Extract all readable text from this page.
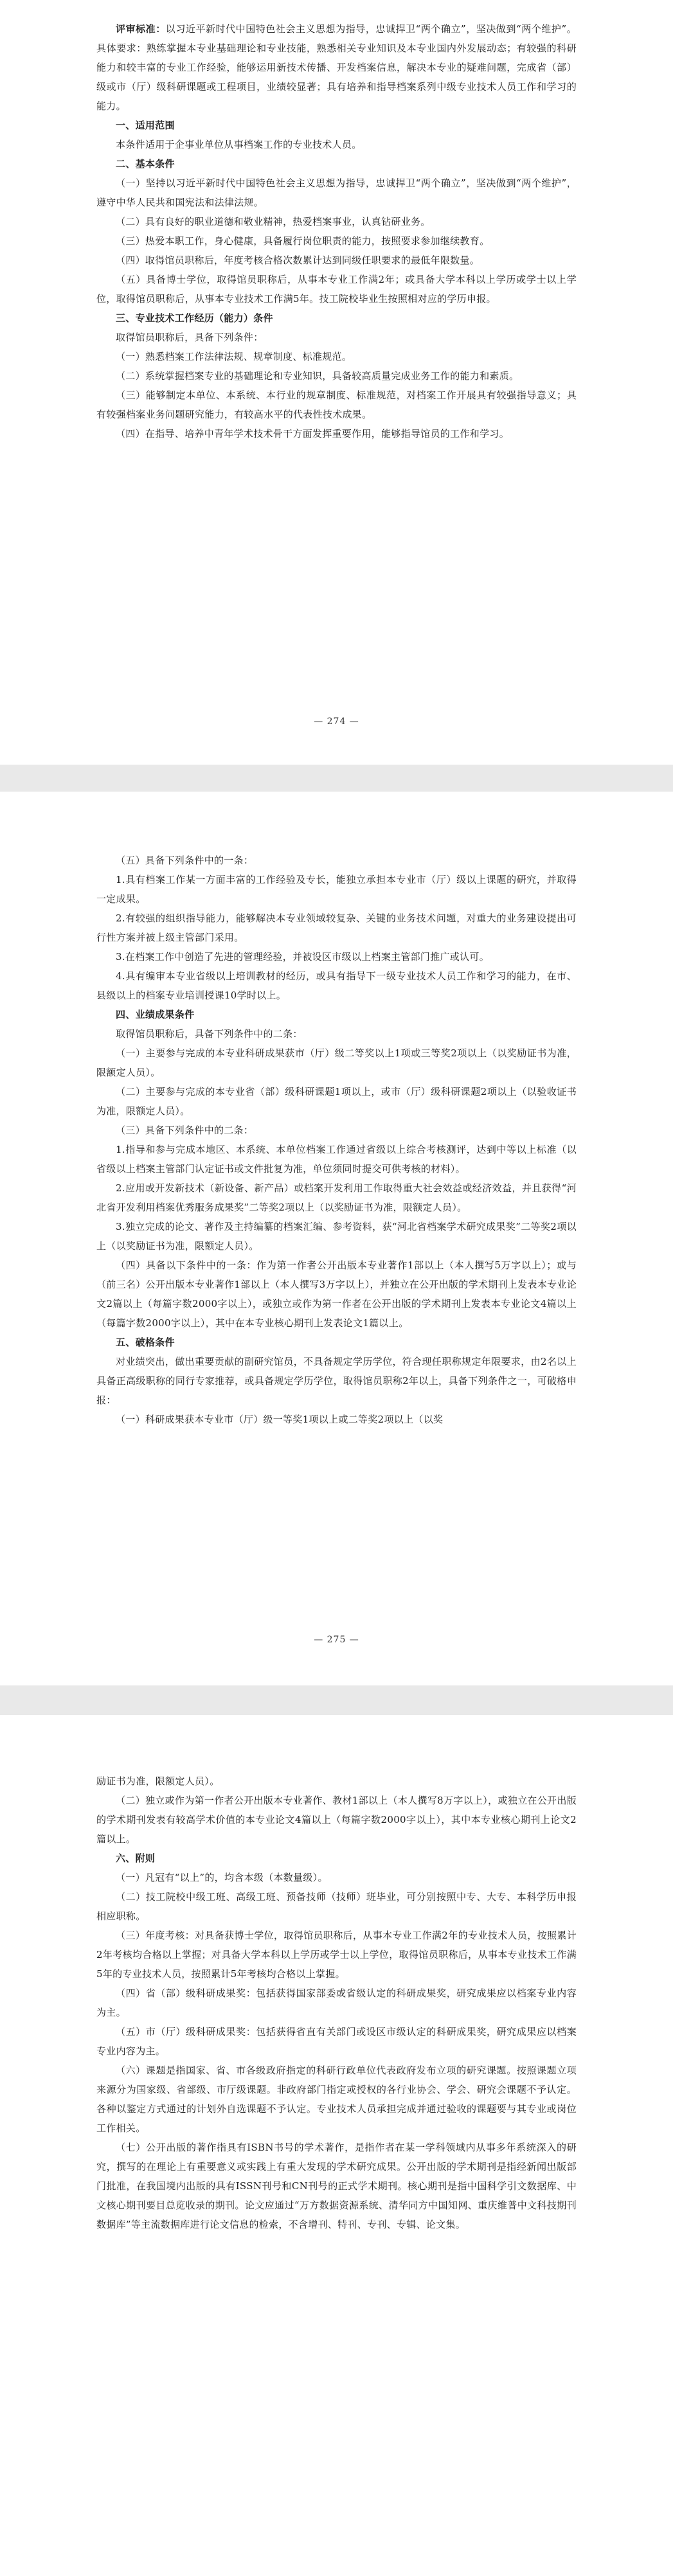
评审标准：以习近平新时代中国特色社会主义思想为指导，忠诚捍卫“两个确立”，坚决做到“两个维护”。具体要求：熟练掌握本专业基础理论和专业技能，熟悉相关专业知识及本专业国内外发展动态；有较强的科研能力和较丰富的专业工作经验，能够运用新技术传播、开发档案信息，解决本专业的疑难问题，完成省（部）级或市（厅）级科研课题或工程项目，业绩较显著；具有培养和指导档案系列中级专业技术人员工作和学习的能力。

一、适用范围

本条件适用于企事业单位从事档案工作的专业技术人员。

二、基本条件

（一）坚持以习近平新时代中国特色社会主义思想为指导，忠诚捍卫“两个确立”，坚决做到“两个维护”，遵守中华人民共和国宪法和法律法规。

（二）具有良好的职业道德和敬业精神，热爱档案事业，认真钻研业务。

（三）热爱本职工作，身心健康，具备履行岗位职责的能力，按照要求参加继续教育。

（四）取得馆员职称后，年度考核合格次数累计达到同级任职要求的最低年限数量。

（五）具备博士学位，取得馆员职称后，从事本专业工作满2年；或具备大学本科以上学历或学士以上学位，取得馆员职称后，从事本专业技术工作满5年。技工院校毕业生按照相对应的学历申报。

三、专业技术工作经历（能力）条件

取得馆员职称后，具备下列条件：

（一）熟悉档案工作法律法规、规章制度、标准规范。

（二）系统掌握档案专业的基础理论和专业知识，具备较高质量完成业务工作的能力和素质。

（三）能够制定本单位、本系统、本行业的规章制度、标准规范，对档案工作开展具有较强指导意义；具有较强档案业务问题研究能力，有较高水平的代表性技术成果。

（四）在指导、培养中青年学术技术骨干方面发挥重要作用，能够指导馆员的工作和学习。

— 274 —

（五）具备下列条件中的一条：

1.具有档案工作某一方面丰富的工作经验及专长，能独立承担本专业市（厅）级以上课题的研究，并取得一定成果。

2.有较强的组织指导能力，能够解决本专业领域较复杂、关键的业务技术问题，对重大的业务建设提出可行性方案并被上级主管部门采用。

3.在档案工作中创造了先进的管理经验，并被设区市级以上档案主管部门推广或认可。

4.具有编审本专业省级以上培训教材的经历，或具有指导下一级专业技术人员工作和学习的能力，在市、县级以上的档案专业培训授课10学时以上。

四、业绩成果条件

取得馆员职称后，具备下列条件中的二条：

（一）主要参与完成的本专业科研成果获市（厅）级二等奖以上1项或三等奖2项以上（以奖励证书为准，限额定人员）。

（二）主要参与完成的本专业省（部）级科研课题1项以上，或市（厅）级科研课题2项以上（以验收证书为准，限额定人员）。

（三）具备下列条件中的二条：

1.指导和参与完成本地区、本系统、本单位档案工作通过省级以上综合考核测评，达到中等以上标准（以省级以上档案主管部门认定证书或文件批复为准，单位须同时提交可供考核的材料）。

2.应用或开发新技术（新设备、新产品）或档案开发利用工作取得重大社会效益或经济效益，并且获得“河北省开发利用档案优秀服务成果奖”二等奖2项以上（以奖励证书为准，限额定人员）。

3.独立完成的论文、著作及主持编纂的档案汇编、参考资料，获“河北省档案学术研究成果奖”二等奖2项以上（以奖励证书为准，限额定人员）。

（四）具备以下条件中的一条：作为第一作者公开出版本专业著作1部以上（本人撰写5万字以上）；或与（前三名）公开出版本专业著作1部以上（本人撰写3万字以上），并独立在公开出版的学术期刊上发表本专业论文2篇以上（每篇字数2000字以上），或独立或作为第一作者在公开出版的学术期刊上发表本专业论文4篇以上（每篇字数2000字以上），其中在本专业核心期刊上发表论文1篇以上。

五、破格条件

对业绩突出，做出重要贡献的副研究馆员，不具备规定学历学位，符合现任职称规定年限要求，由2名以上具备正高级职称的同行专家推荐，或具备规定学历学位，取得馆员职称2年以上，具备下列条件之一，可破格申报：

（一）科研成果获本专业市（厅）级一等奖1项以上或二等奖2项以上（以奖

— 275 —

励证书为准，限额定人员）。

（二）独立或作为第一作者公开出版本专业著作、教材1部以上（本人撰写8万字以上），或独立在公开出版的学术期刊发表有较高学术价值的本专业论文4篇以上（每篇字数2000字以上），其中本专业核心期刊上论文2篇以上。

六、附则

（一）凡冠有“以上”的，均含本级（本数量级）。

（二）技工院校中级工班、高级工班、预备技师（技师）班毕业，可分别按照中专、大专、本科学历申报相应职称。

（三）年度考核：对具备获博士学位，取得馆员职称后，从事本专业工作满2年的专业技术人员，按照累计2年考核均合格以上掌握；对具备大学本科以上学历或学士以上学位，取得馆员职称后，从事本专业技术工作满5年的专业技术人员，按照累计5年考核均合格以上掌握。

（四）省（部）级科研成果奖：包括获得国家部委或省级认定的科研成果奖，研究成果应以档案专业内容为主。

（五）市（厅）级科研成果奖：包括获得省直有关部门或设区市级认定的科研成果奖，研究成果应以档案专业内容为主。

（六）课题是指国家、省、市各级政府指定的科研行政单位代表政府发布立项的研究课题。按照课题立项来源分为国家级、省部级、市厅级课题。非政府部门指定或授权的各行业协会、学会、研究会课题不予认定。各种以鉴定方式通过的计划外自选课题不予认定。专业技术人员承担完成并通过验收的课题要与其专业或岗位工作相关。

（七）公开出版的著作指具有ISBN书号的学术著作，是指作者在某一学科领域内从事多年系统深入的研究，撰写的在理论上有重要意义或实践上有重大发现的学术研究成果。公开出版的学术期刊是指经新闻出版部门批准，在我国境内出版的具有ISSN刊号和CN刊号的正式学术期刊。核心期刊是指中国科学引文数据库、中文核心期刊要目总览收录的期刊。论文应通过“万方数据资源系统、清华同方中国知网、重庆维普中文科技期刊数据库”等主流数据库进行论文信息的检索，不含增刊、特刊、专刊、专辑、论文集。
